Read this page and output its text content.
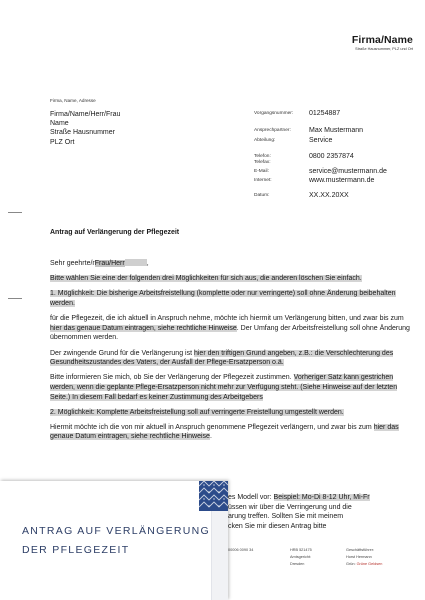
Firma/Name
Straße Hausnummer, PLZ und Ort
Firma, Name, Adresse
Firma/Name/Herr/Frau
Name
Straße Hausnummer
PLZ Ort
Vorgangsnummer: 01254887
Ansprechpartner:	Max Mustermann
Abteilung:	Service
Telefon:	0800 2357874
Telefax:
E-Mail:	service@mustermann.de
Internet:	www.mustermann.de
Datum:	XX.XX.20XX
Antrag auf Verlängerung der Pflegezeit

Sehr geehrte/rFrau/Herr	,

Bitte wählen Sie eine der folgenden drei Möglichkeiten für sich aus, die anderen löschen Sie einfach.

1. Möglichkeit: Die bisherige Arbeitsfreistellung (komplette oder nur verringerte) soll ohne Änderung beibehalten werden.

für die Pflegezeit, die ich aktuell in Anspruch nehme, möchte ich hiermit um Verlängerung bitten, und zwar bis zum hier das genaue Datum eintragen, siehe rechtliche Hinweise. Der Umfang der Arbeitsfreistellung soll ohne Änderung übernommen werden.

Der zwingende Grund für die Verlängerung ist hier den triftigen Grund angeben, z.B.: die Verschlechterung des Gesundheitszustandes des Vaters, der Ausfall der Pflege-Ersatzperson o.ä.

Bitte informieren Sie mich, ob Sie der Verlängerung der Pflegezeit zustimmen. Vorheriger Satz kann gestrichen werden, wenn die geplante Pflege-Ersatzperson nicht mehr zur Verfügung steht. (Siehe Hinweise auf der letzten Seite.) In diesem Fall bedarf es keiner Zustimmung des Arbeitgebers

2. Möglichkeit: Komplette Arbeitsfreistellung soll auf verringerte Freistellung umgestellt werden.

Hiermit möchte ich die von mir aktuell in Anspruch genommene Pflegezeit verlängern, und zwar bis zum hier das genaue Datum eintragen, siehe rechtliche Hinweise.

es Modell vor: Beispiel: Mo-Di 8-12 Uhr, Mi-Fr
üssen wir über die Verringerung und die
arung treffen. Sollten Sie mit meinem
cken Sie mir diesen Antrag bitte
00006 0090 34	HRB 521475	Geschäftsführer:
Amtsgericht:	Horst Hermann
Dresden	Grün: Grüne Geldsen
ANTRAG AUF VERLÄNGERUNG
DER PFLEGEZEIT
